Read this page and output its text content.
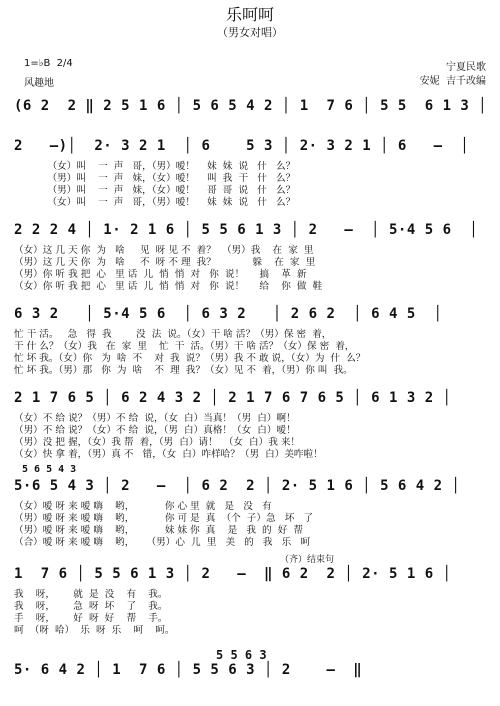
乐呵呵
（男女对唱）
1=♭B  2/4
风趣地
宁夏民歌
安妮  吉千改编
(6 2  2 ‖ 2 5 1 6 │ 5 6 5 4 2 │ 1  7 6 │ 5 5  6 1 3 │
2   —)│  2· 3 2 1  │ 6    5 3 │ 2· 3 2 1 │ 6   —  │
（女）叫    一  声   哥，（男）嗳！    妹  妹  说   什   么？
（男）叫    一  声   妹，（女）嗳！    叫  我  干   什   么？
（男）叫    一  声   妹，（女）嗳！    哥  哥  说   什   么？
（女）叫    一  声   哥，（男）嗳！    妹  妹  说   什   么？
2 2 2 4 │ 1· 2 1 6 │ 5 5 6 1 3 │ 2   —  │ 5·4 5 6  │
（女）这 几 天 你  为   啥     见  呀 见 不  着？  （男）我    在  家  里
（男）这 几 天 你  为   啥     不  呀 不 理  我？            躲    在  家  里
（男）你 听 我 把  心   里 话  儿  悄  悄  对   你  说！     搞    革  新
（女）你 听 我 把  心   里 话  儿  悄  悄  对   你  说！     给    你  做  鞋
6 3 2   │ 5·4 5 6  │ 6 3 2   │ 2 6 2  │ 6 4 5  │
忙 干 活。   急   得  我        没  法  说。（女）干 啥 活？（男）保 密  着，
干 什 么？（女）我   在  家  里    忙  干  活。（男）干 啥 活？（女）保 密  着，
忙 坏 我。（女）你   为  啥  不    对  我  说？（男）我 不 敢 说，（女）为  什  么？
忙 坏 我。（男）那   你  为  啥    不  理  我？（女）见 不  着，（男）你 叫  我。
2 1 7 6 5 │ 6 2 4 3 2 │ 2 1 7 6 7 6 5 │ 6 1 3 2 │
（女）不 给 说？（男）不 给  说，（女  白）当真！（男  白）啊！
（男）不 给 说？（女）不 给  说，（男  白）真格！（女  白）嗳！
（男）没 把 握，（女）我 帮  着，（男  白）请！  （女  白）我 来！
（女）快 拿 着，（男）真 不   错，（女  白）咋样哈？（男  白）美咋啦！
5 6 5 4 3
5·6 5 4 3 │ 2   —  │ 6 2  2 │ 2· 5 1 6 │ 5 6 4 2 │
（女）嗳 呀 来 嗳 嗨    哟，          你 心 里  就   是   没   有
（男）嗳 呀 来 嗳 嗨    哟，          你 可 是  真  （个  子）急   坏   了
（男）嗳 呀 来 嗳 嗨    哟，          妹 妹 你  真    是   我  的  好  帮
（合）嗳 呀 来 嗳 嗨    哟，    （男）心  儿  里   美   的   我   乐   呵
（齐）结束句
1  7 6 │ 5 5 6 1 3 │ 2   —  ‖ 6 2  2 │ 2· 5 1 6 │
我    呀，      就  是  没    有    我。
我    呀，      急  呀  坏    了    我。
手    呀，      好  呀  好    帮    手。
呵  （呀  哈）  乐  呀  乐    呵    呵。
5 5 6 3
5· 6 4 2 │ 1  7 6 │ 5 5 6 3 │ 2    —  ‖
